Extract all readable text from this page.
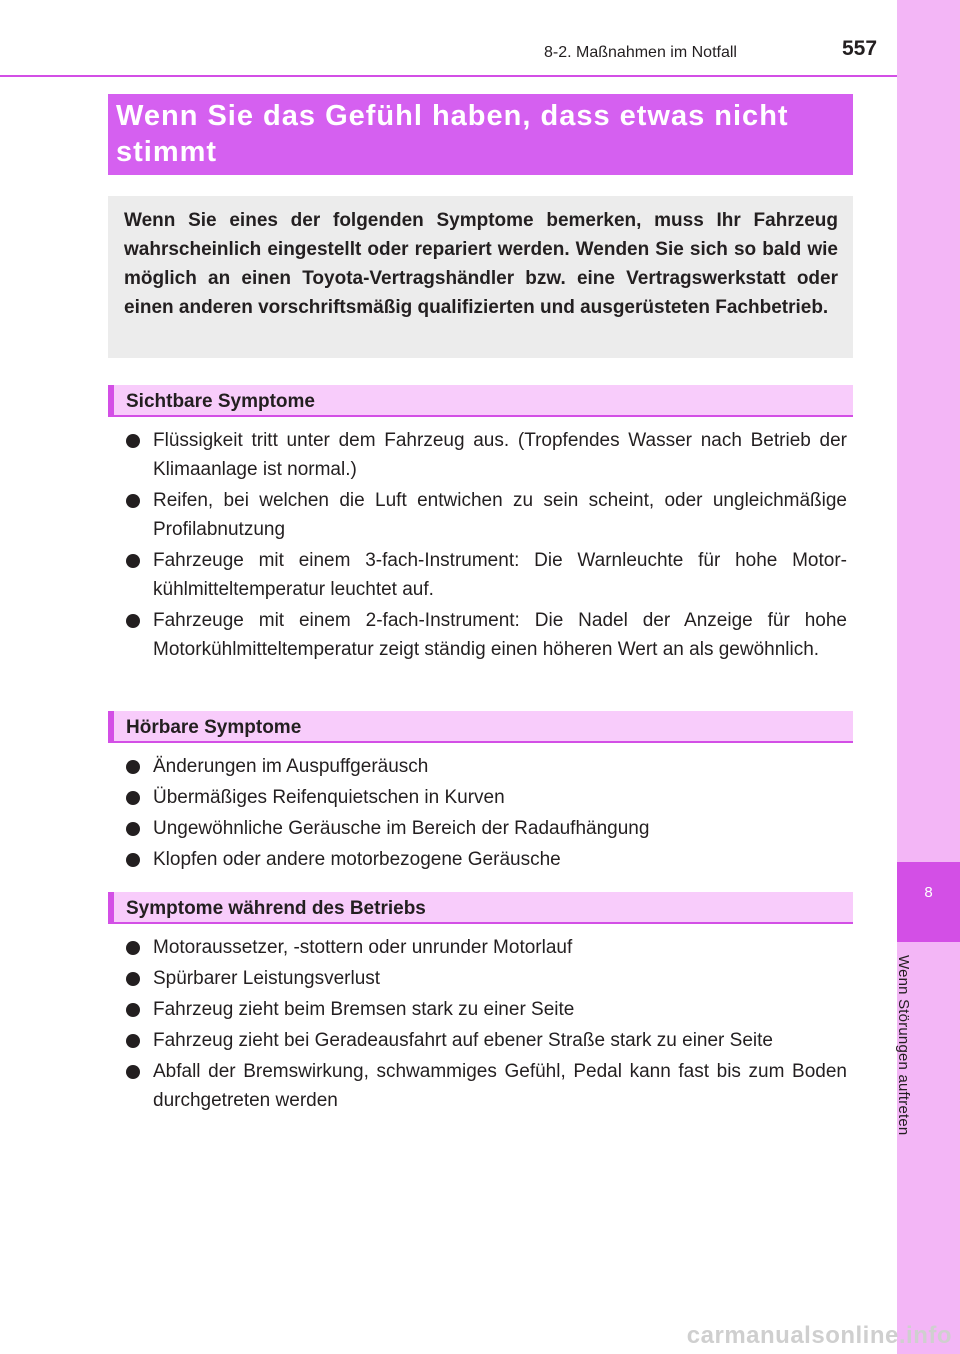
8
Wenn Störungen auftreten
8-2. Maßnahmen im Notfall	557
Wenn Sie das Gefühl haben, dass etwas nicht stimmt
Wenn Sie eines der folgenden Symptome bemerken, muss Ihr Fahrzeug wahrscheinlich eingestellt oder repariert werden. Wenden Sie sich so bald wie möglich an einen Toyota-Vertragshändler bzw. eine Vertragswerkstatt oder einen anderen vorschriftsmäßig qualifizierten und ausgerüsteten Fachbetrieb.
Sichtbare Symptome
Flüssigkeit tritt unter dem Fahrzeug aus. (Tropfendes Wasser nach Betrieb der Klimaanlage ist normal.)
Reifen, bei welchen die Luft entwichen zu sein scheint, oder ungleichmäßige Profilabnutzung
Fahrzeuge mit einem 3-fach-Instrument: Die Warnleuchte für hohe Motorkühlmitteltemperatur leuchtet auf.
Fahrzeuge mit einem 2-fach-Instrument: Die Nadel der Anzeige für hohe Motorkühlmitteltemperatur zeigt ständig einen höheren Wert an als gewöhnlich.
Hörbare Symptome
Änderungen im Auspuffgeräusch
Übermäßiges Reifenquietschen in Kurven
Ungewöhnliche Geräusche im Bereich der Radaufhängung
Klopfen oder andere motorbezogene Geräusche
Symptome während des Betriebs
Motoraussetzer, -stottern oder unrunder Motorlauf
Spürbarer Leistungsverlust
Fahrzeug zieht beim Bremsen stark zu einer Seite
Fahrzeug zieht bei Geradeausfahrt auf ebener Straße stark zu einer Seite
Abfall der Bremswirkung, schwammiges Gefühl, Pedal kann fast bis zum Boden durchgetreten werden
carmanualsonline.info
